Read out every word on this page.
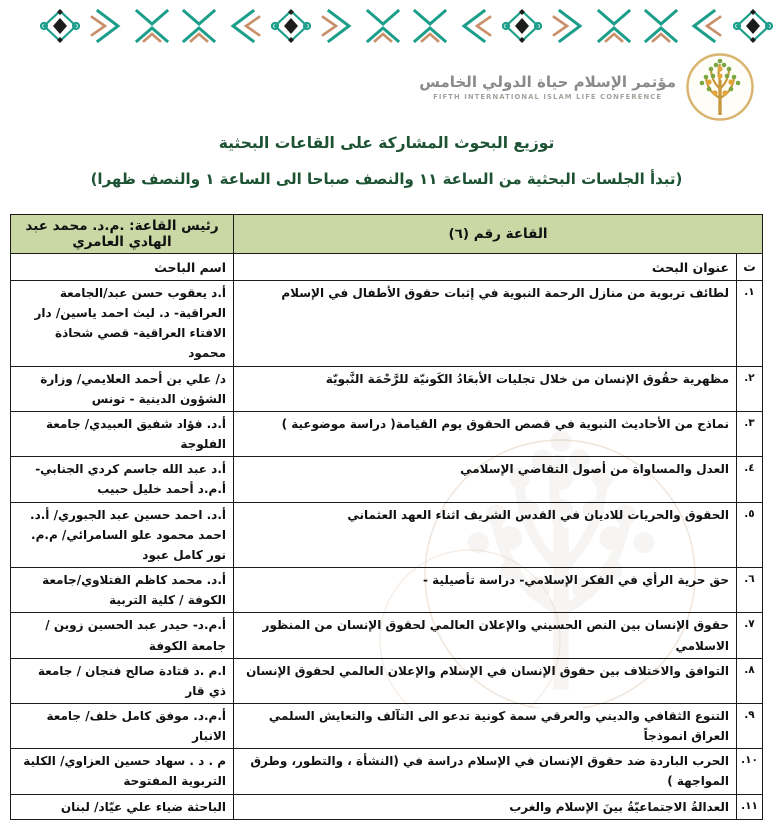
مؤتمر الإسلام حياة الدولي الخامس
FIFTH INTERNATIONAL ISLAM LIFE CONFERENCE
توزيع البحوث المشاركة على القاعات البحثية
(تبدأ الجلسات البحثية من الساعة ١١ والنصف صباحا الى الساعة ١ والنصف ظهرا)
القاعة رقم (٦)		رئيس القاعة: .م.د. محمد عبد الهادي العامري
ت	عنوان البحث	اسم الباحث
١.	لطائف تربوية من منازل الرحمة النبوية في إثبات حقوق الأطفال في الإسلام	أ.د يعقوب حسن عبد/الجامعة العراقية- د. ليث احمد ياسين/ دار الافتاء العراقية- قصي شحاذة محمود
٢.	مظهرية حقُوق الإنسان من خلال تجليات الأبعَادُ الكَونيّة للرَّحْمَة النَّبويّة	د/ علي بن أحمد العلايمي/ وزارة الشؤون الدينية - تونس
٣.	نماذج من الأحاديث النبوية في قصص الحقوق يوم القيامة( دراسة موضوعية )	أ.د. فؤاد شفيق العبيدي/ جامعة الفلوجة
٤.	العدل والمساواة من أصول التقاضي الإسلامي	أ.د عبد الله جاسم كردي الجنابي- أ.م.د أحمد خليل حبيب
٥.	الحقوق والحريات للاديان في القدس الشريف اثناء العهد العثماني	أ.د. احمد حسين عبد الجبوري/ أ.د. احمد محمود علو السامرائي/ م.م. نور كامل عبود
٦.	حق حرية الرأي في الفكر الإسلامي- دراسة تأصيلية -	أ.د. محمد كاظم الفتلاوي/جامعة الكوفة / كلية التربية
٧.	حقوق الإنسان بين النص الحسيني والإعلان العالمي لحقوق الإنسان من المنظور الاسلامي	أ.م.د- حيدر عبد الحسين زوين / جامعة الكوفة
٨.	التوافق والاختلاف بين حقوق الإنسان في الإسلام والإعلان العالمي لحقوق الإنسان	ا.م .د قتادة صالح فنجان / جامعة ذي قار
٩.	التنوع الثقافي والديني والعرقي سمة كونية تدعو الى التآلف والتعايش السلمي العراق انموذجاً	أ.م.د. موفق كامل خلف/ جامعة الانبار
١٠.	الحرب الباردة ضد حقوق الإنسان في الإسلام دراسة في (النشأة ، والتطور، وطرق المواجهة )	م . د . سهاد حسين العزاوي/ الكلية التربوية المفتوحة
١١.	العدالةُ الاجتماعيّةُ بينَ الإسلام والغرب	الباحثة ضياء علي عيّاد/ لبنان
